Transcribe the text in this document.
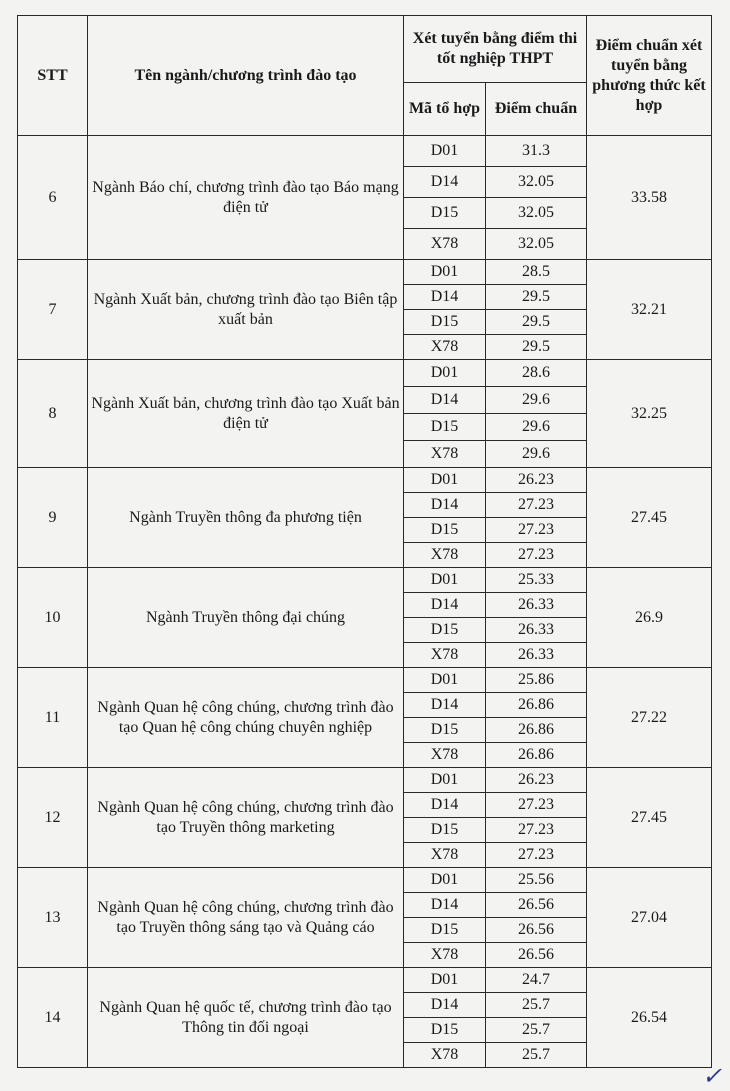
STT	Tên ngành/chương trình đào tạo	Xét tuyển bằng điểm thi tốt nghiệp THPT		Điểm chuẩn xét tuyển bằng phương thức kết hợp
		Mã tổ hợp	Điểm chuẩn	
6	Ngành Báo chí, chương trình đào tạo Báo mạng điện tử	D01	31.3	33.58
		D14	32.05	
		D15	32.05	
		X78	32.05	
7	Ngành Xuất bản, chương trình đào tạo Biên tập xuất bản	D01	28.5	32.21
		D14	29.5	
		D15	29.5	
		X78	29.5	
8	Ngành Xuất bản, chương trình đào tạo Xuất bản điện tử	D01	28.6	32.25
		D14	29.6	
		D15	29.6	
		X78	29.6	
9	Ngành Truyền thông đa phương tiện	D01	26.23	27.45
		D14	27.23	
		D15	27.23	
		X78	27.23	
10	Ngành Truyền thông đại chúng	D01	25.33	26.9
		D14	26.33	
		D15	26.33	
		X78	26.33	
11	Ngành Quan hệ công chúng, chương trình đào tạo Quan hệ công chúng chuyên nghiệp	D01	25.86	27.22
		D14	26.86	
		D15	26.86	
		X78	26.86	
12	Ngành Quan hệ công chúng, chương trình đào tạo Truyền thông marketing	D01	26.23	27.45
		D14	27.23	
		D15	27.23	
		X78	27.23	
13	Ngành Quan hệ công chúng, chương trình đào tạo Truyền thông sáng tạo và Quảng cáo	D01	25.56	27.04
		D14	26.56	
		D15	26.56	
		X78	26.56	
14	Ngành Quan hệ quốc tế, chương trình đào tạo Thông tin đối ngoại	D01	24.7	26.54
		D14	25.7	
		D15	25.7	
		X78	25.7	
✓
